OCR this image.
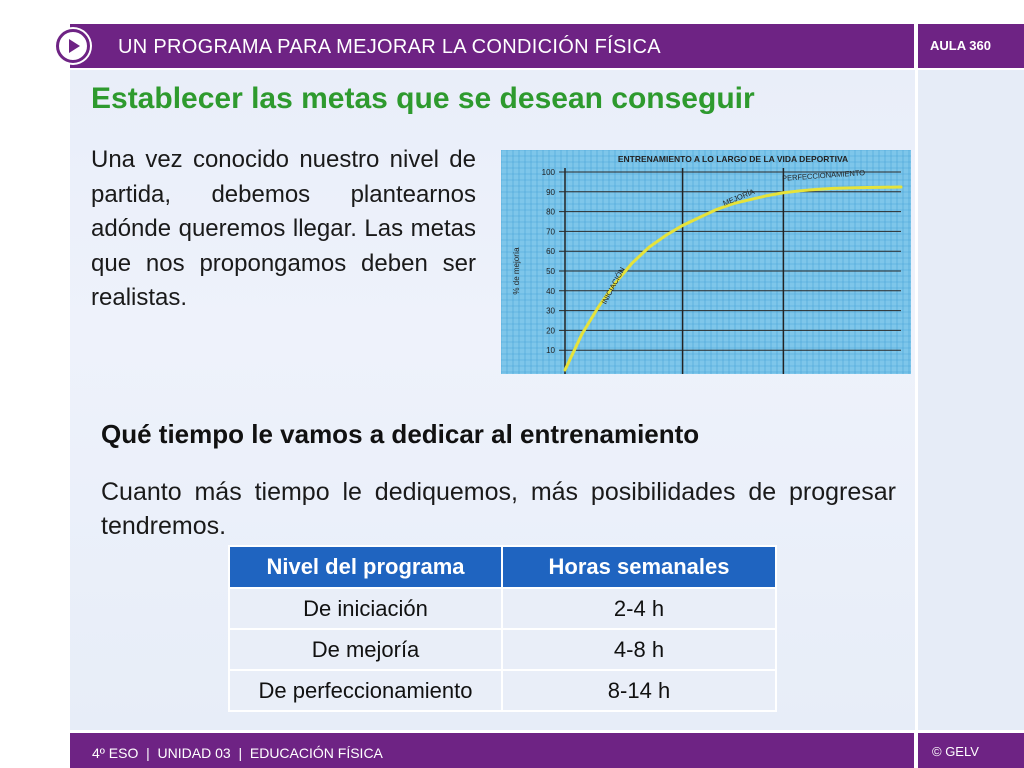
UN PROGRAMA PARA MEJORAR LA CONDICIÓN FÍSICA	AULA 360
Establecer las metas que se desean conseguir
Una vez conocido nuestro nivel de partida, debemos plantearnos adónde queremos llegar. Las metas que nos propongamos deben ser realistas.
10
20
30
40
50
60
70
80
90
100
ENTRENAMIENTO A LO LARGO DE LA VIDA DEPORTIVA
% de mejoría	INICIACIÓN
MEJORÍA
PERFECCIONAMIENTO
Qué tiempo le vamos a dedicar al entrenamiento
Cuanto más tiempo le dediquemos, más posibilidades de progresar tendremos.
Nivel del programa	Horas semanales
De iniciación	2-4 h
De mejoría	4-8 h
De perfeccionamiento	8-14 h
4º ESO  |  UNIDAD 03  |  EDUCACIÓN FÍSICA	© GELV
